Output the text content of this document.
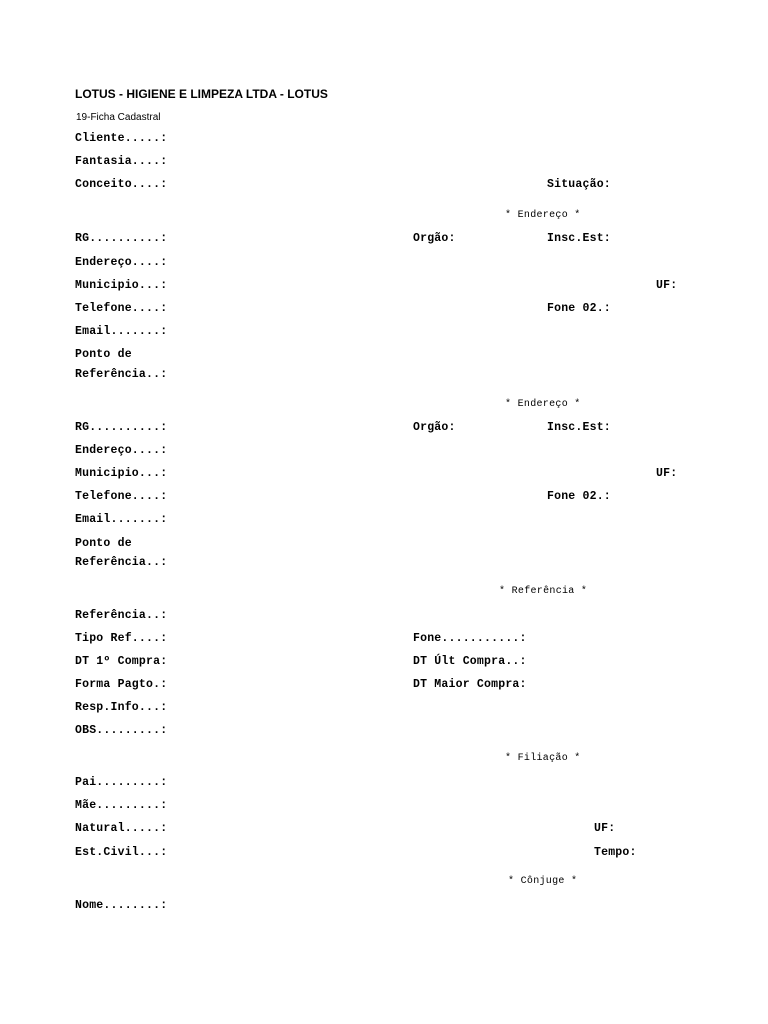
LOTUS - HIGIENE E LIMPEZA LTDA - LOTUS
19-Ficha Cadastral
Cliente.....:
Fantasia....:
Conceito....:	Situação:
* Endereço *
RG..........:	Orgão:	Insc.Est:
Endereço....:
Municipio...:	UF:
Telefone....:	Fone 02.:
Email.......:
Ponto de
Referência..:
* Endereço *
RG..........:	Orgão:	Insc.Est:
Endereço....:
Municipio...:	UF:
Telefone....:	Fone 02.:
Email.......:
Ponto de
Referência..:
* Referência *
Referência..:
Tipo Ref....:	Fone...........:
DT 1º Compra:	DT Últ Compra..:
Forma Pagto.:	DT Maior Compra:
Resp.Info...:
OBS.........:
* Filiação *
Pai.........:
Mãe.........:
Natural.....:	UF:
Est.Civil...:	Tempo:
* Cônjuge *
Nome........:
